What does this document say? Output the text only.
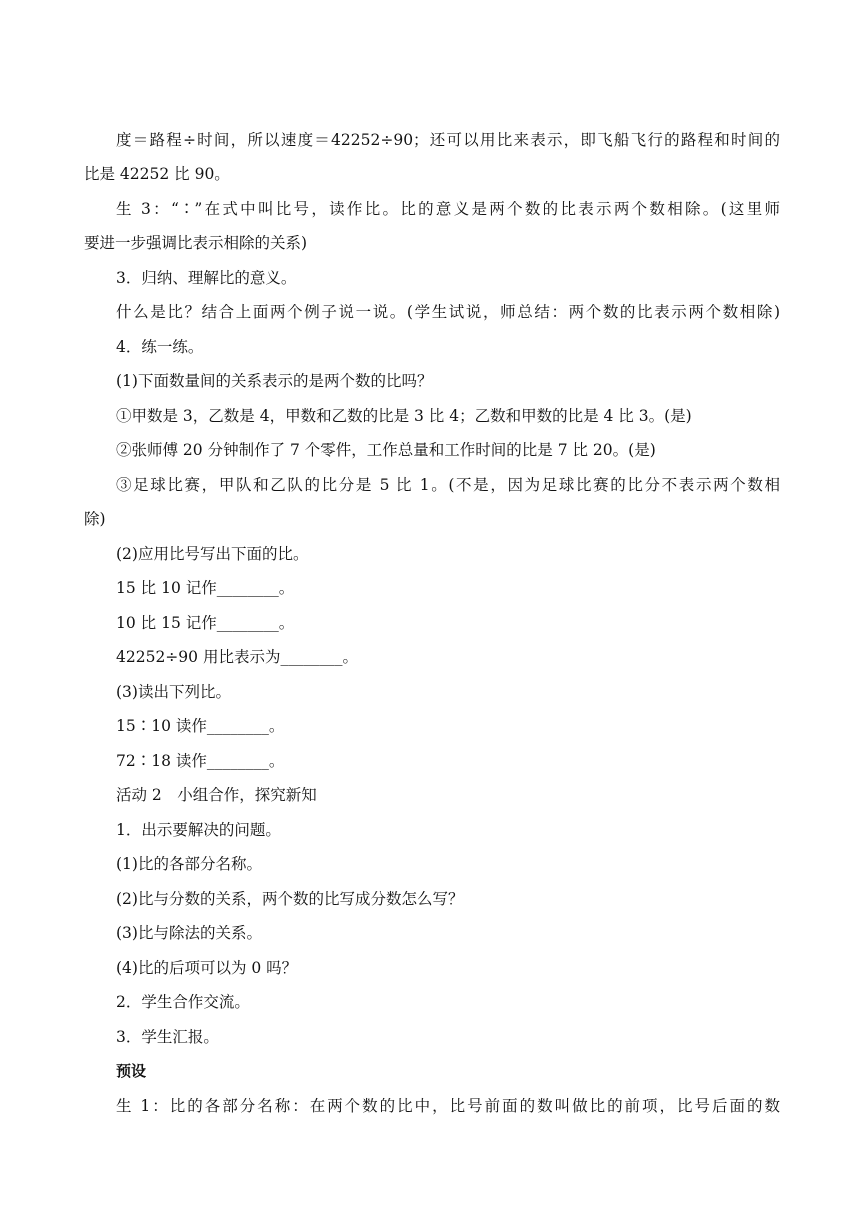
度＝路程÷时间，所以速度＝42252÷90；还可以用比来表示，即飞船飞行的路程和时间的
比是 42252 比 90。
生 3：“∶”在式中叫比号，读作比。比的意义是两个数的比表示两个数相除。(这里师
要进一步强调比表示相除的关系)
3．归纳、理解比的意义。
什么是比？结合上面两个例子说一说。(学生试说，师总结：两个数的比表示两个数相除)
4．练一练。
(1)下面数量间的关系表示的是两个数的比吗？
①甲数是 3，乙数是 4，甲数和乙数的比是 3 比 4；乙数和甲数的比是 4 比 3。(是)
②张师傅 20 分钟制作了 7 个零件，工作总量和工作时间的比是 7 比 20。(是)
③足球比赛，甲队和乙队的比分是 5 比 1。(不是，因为足球比赛的比分不表示两个数相
除)
(2)应用比号写出下面的比。
15 比 10 记作________。
10 比 15 记作________。
42252÷90 用比表示为________。
(3)读出下列比。
15∶10 读作________。
72∶18 读作________。
活动 2　小组合作，探究新知
1．出示要解决的问题。
(1)比的各部分名称。
(2)比与分数的关系，两个数的比写成分数怎么写？
(3)比与除法的关系。
(4)比的后项可以为 0 吗？
2．学生合作交流。
3．学生汇报。
预设
生 1：比的各部分名称：在两个数的比中，比号前面的数叫做比的前项，比号后面的数
